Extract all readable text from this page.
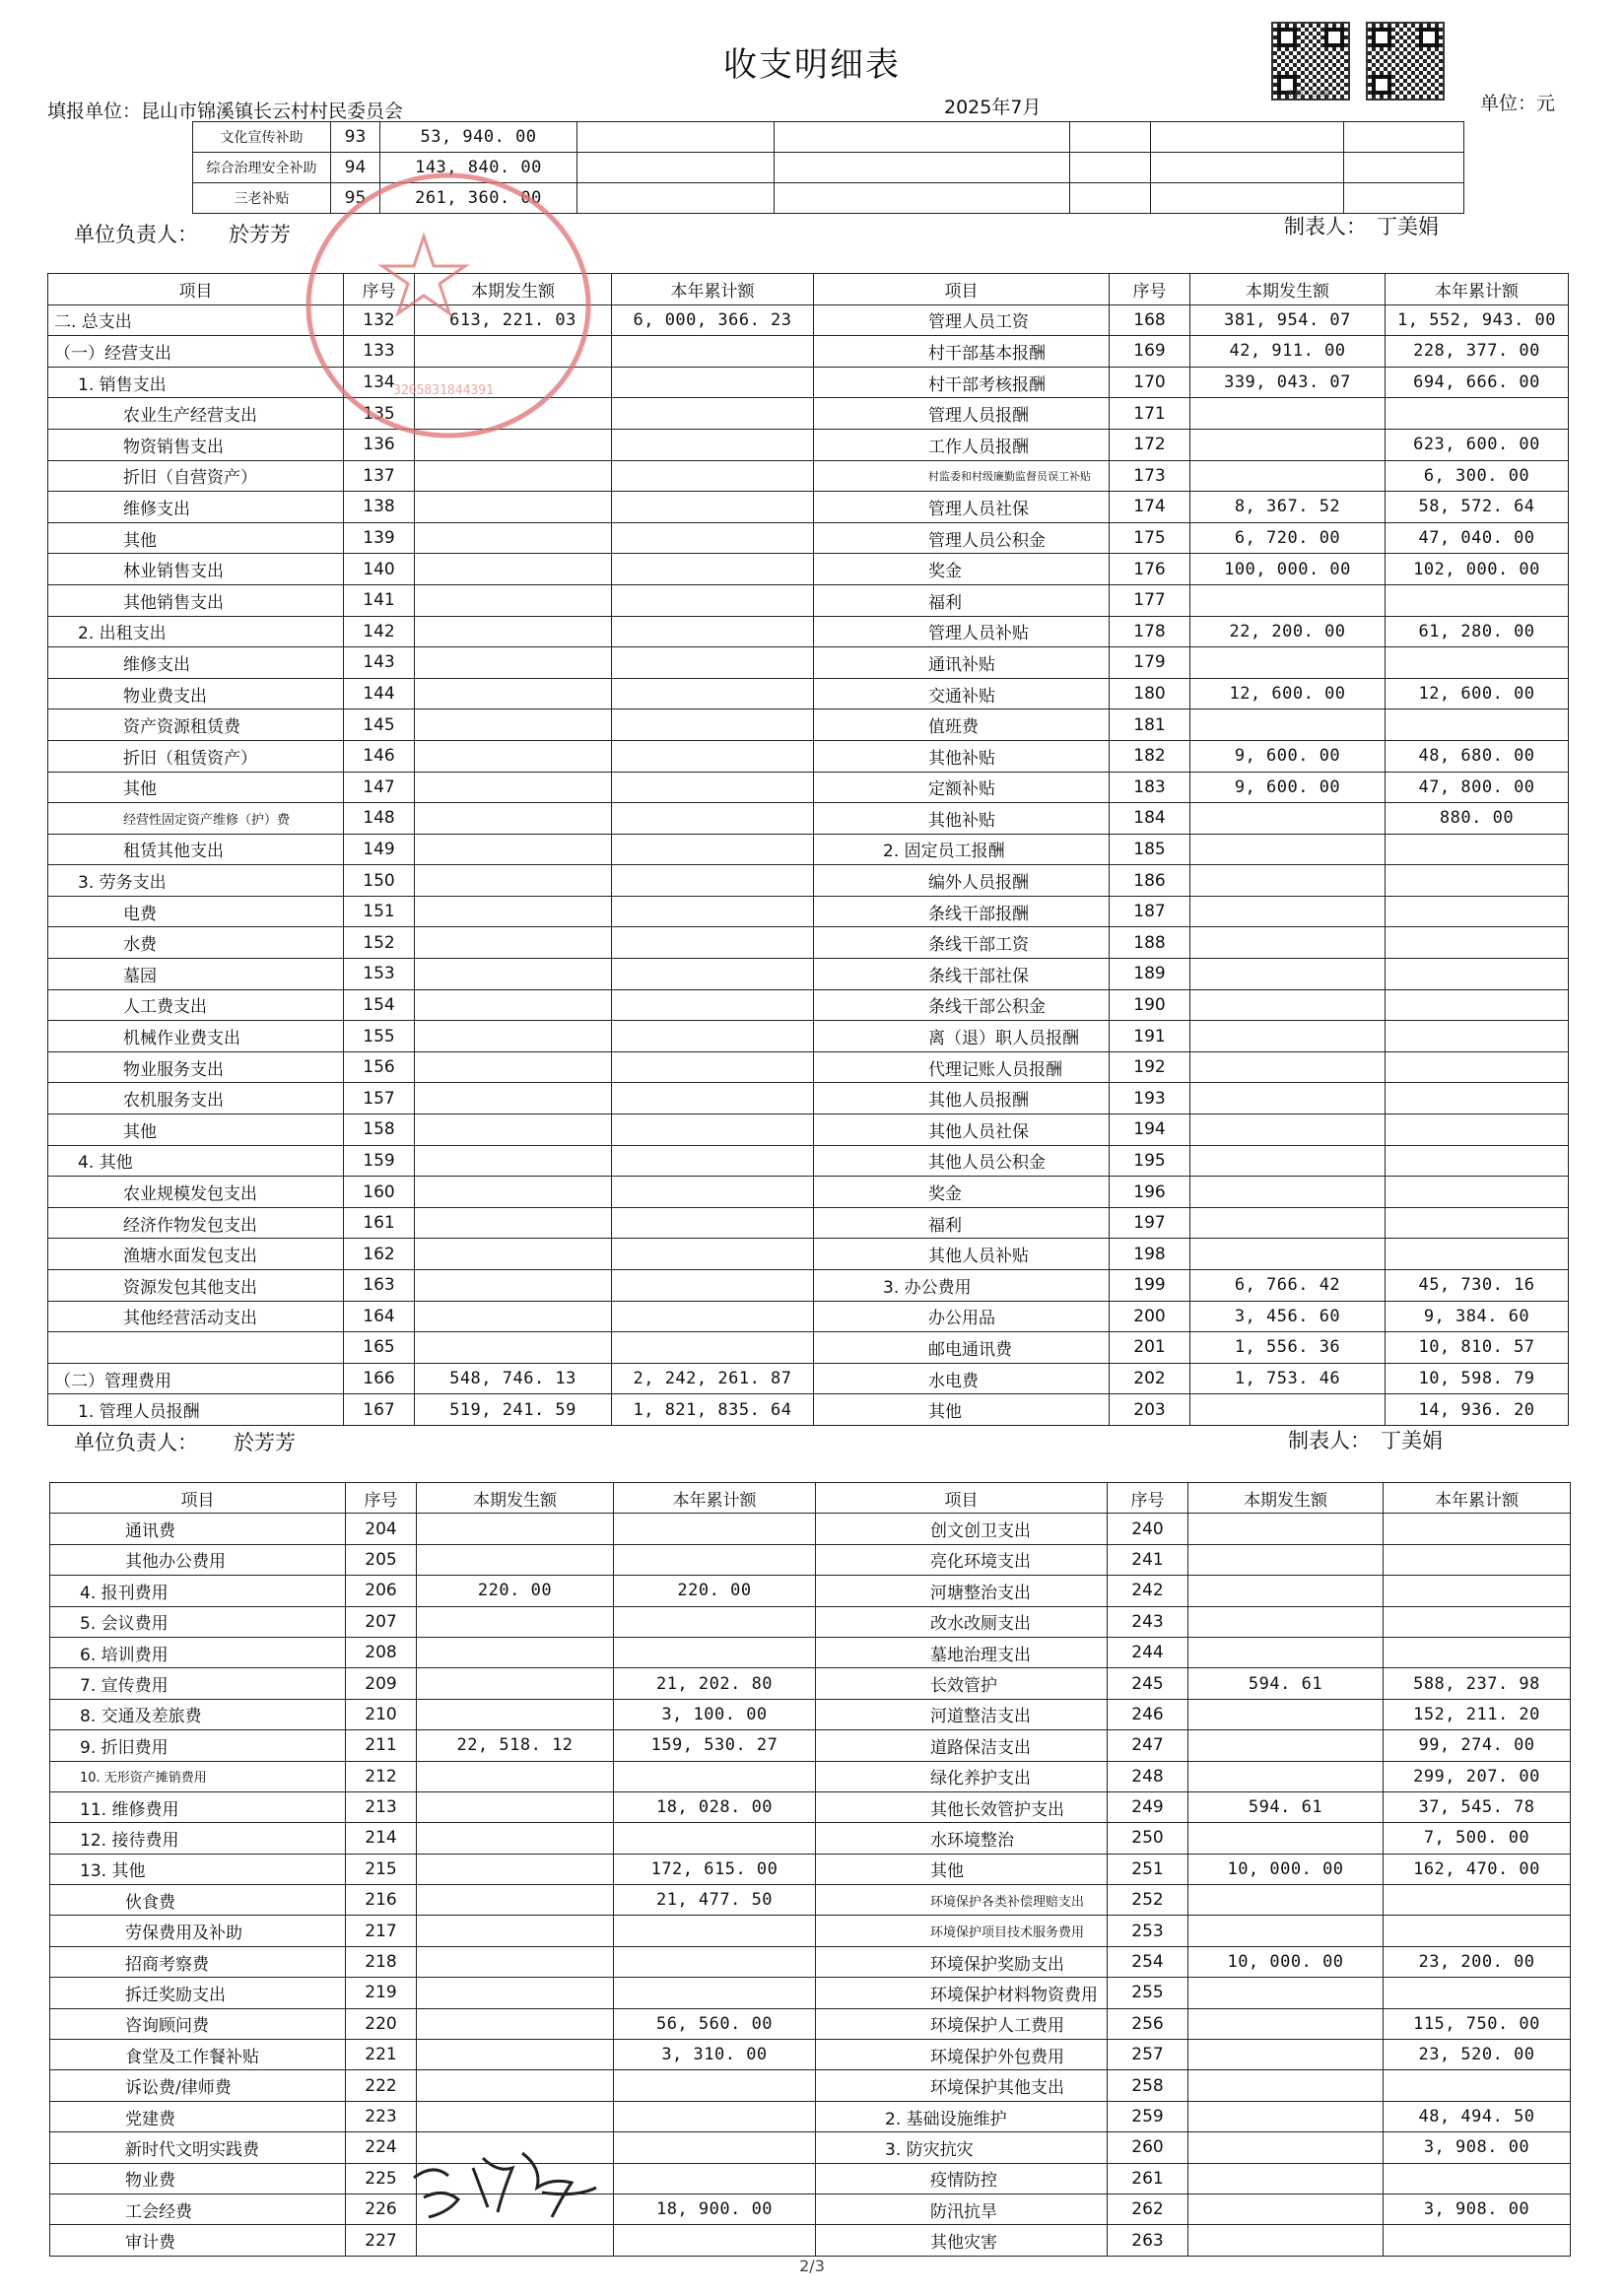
收支明细表
填报单位：昆山市锦溪镇长云村村民委员会	2025年7月	单位：元
正版一点通
文化宣传补助	93	53, 940. 00					
综合治理安全补助	94	143, 840. 00					
三老补贴	95	261, 360. 00					
单位负责人： 於芳芳	制表人： 丁美娟
项目	序号	本期发生额	本年累计额	项目	序号	本期发生额	本年累计额
二. 总支出	132	613, 221. 03	6, 000, 366. 23	管理人员工资	168	381, 954. 07	1, 552, 943. 00
（一）经营支出	133			村干部基本报酬	169	42, 911. 00	228, 377. 00
1. 销售支出	134			村干部考核报酬	170	339, 043. 07	694, 666. 00
农业生产经营支出	135			管理人员报酬	171		
物资销售支出	136			工作人员报酬	172		623, 600. 00
折旧（自营资产）	137			村监委和村级廉勤监督员误工补贴	173		6, 300. 00
维修支出	138			管理人员社保	174	8, 367. 52	58, 572. 64
其他	139			管理人员公积金	175	6, 720. 00	47, 040. 00
林业销售支出	140			奖金	176	100, 000. 00	102, 000. 00
其他销售支出	141			福利	177		
2. 出租支出	142			管理人员补贴	178	22, 200. 00	61, 280. 00
维修支出	143			通讯补贴	179		
物业费支出	144			交通补贴	180	12, 600. 00	12, 600. 00
资产资源租赁费	145			值班费	181		
折旧（租赁资产）	146			其他补贴	182	9, 600. 00	48, 680. 00
其他	147			定额补贴	183	9, 600. 00	47, 800. 00
经营性固定资产维修（护）费	148			其他补贴	184		880. 00
租赁其他支出	149			2. 固定员工报酬	185		
3. 劳务支出	150			编外人员报酬	186		
电费	151			条线干部报酬	187		
水费	152			条线干部工资	188		
墓园	153			条线干部社保	189		
人工费支出	154			条线干部公积金	190		
机械作业费支出	155			离（退）职人员报酬	191		
物业服务支出	156			代理记账人员报酬	192		
农机服务支出	157			其他人员报酬	193		
其他	158			其他人员社保	194		
4. 其他	159			其他人员公积金	195		
农业规模发包支出	160			奖金	196		
经济作物发包支出	161			福利	197		
渔塘水面发包支出	162			其他人员补贴	198		
资源发包其他支出	163			3. 办公费用	199	6, 766. 42	45, 730. 16
其他经营活动支出	164			办公用品	200	3, 456. 60	9, 384. 60
	165			邮电通讯费	201	1, 556. 36	10, 810. 57
（二）管理费用	166	548, 746. 13	2, 242, 261. 87	水电费	202	1, 753. 46	10, 598. 79
1. 管理人员报酬	167	519, 241. 59	1, 821, 835. 64	其他	203		14, 936. 20
单位负责人： 於芳芳	制表人： 丁美娟
项目	序号	本期发生额	本年累计额	项目	序号	本期发生额	本年累计额
通讯费	204			创文创卫支出	240		
其他办公费用	205			亮化环境支出	241		
4. 报刊费用	206	220. 00	220. 00	河塘整治支出	242		
5. 会议费用	207			改水改厕支出	243		
6. 培训费用	208			墓地治理支出	244		
7. 宣传费用	209		21, 202. 80	长效管护	245	594. 61	588, 237. 98
8. 交通及差旅费	210		3, 100. 00	河道整洁支出	246		152, 211. 20
9. 折旧费用	211	22, 518. 12	159, 530. 27	道路保洁支出	247		99, 274. 00
10. 无形资产摊销费用	212			绿化养护支出	248		299, 207. 00
11. 维修费用	213		18, 028. 00	其他长效管护支出	249	594. 61	37, 545. 78
12. 接待费用	214			水环境整治	250		7, 500. 00
13. 其他	215		172, 615. 00	其他	251	10, 000. 00	162, 470. 00
伙食费	216		21, 477. 50	环境保护各类补偿理赔支出	252		
劳保费用及补助	217			环境保护项目技术服务费用	253		
招商考察费	218			环境保护奖励支出	254	10, 000. 00	23, 200. 00
拆迁奖励支出	219			环境保护材料物资费用	255		
咨询顾问费	220		56, 560. 00	环境保护人工费用	256		115, 750. 00
食堂及工作餐补贴	221		3, 310. 00	环境保护外包费用	257		23, 520. 00
诉讼费/律师费	222			环境保护其他支出	258		
党建费	223			2. 基础设施维护	259		48, 494. 50
新时代文明实践费	224			3. 防灾抗灾	260		3, 908. 00
物业费	225			疫情防控	261		
工会经费	226		18, 900. 00	防汛抗旱	262		3, 908. 00
审计费	227			其他灾害	263		
3205831844391
2/3
